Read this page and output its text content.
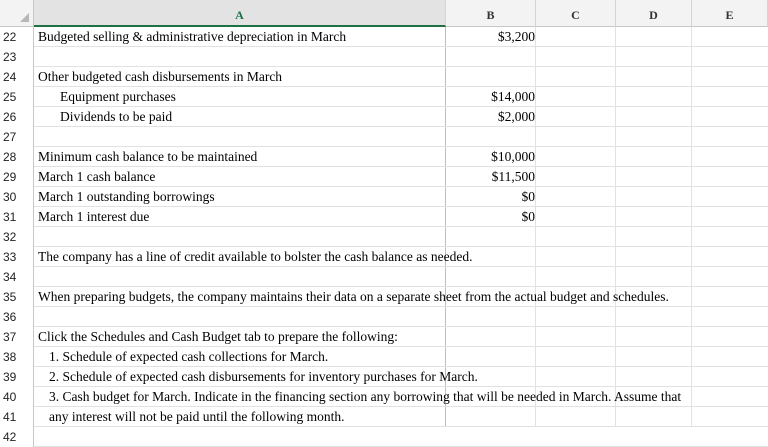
A	B	C	D	E
22	Budgeted selling & administrative depreciation in March	$3,200
23
24	Other budgeted cash disbursements in March
25	Equipment purchases	$14,000
26	Dividends to be paid	$2,000
27
28	Minimum cash balance to be maintained	$10,000
29	March 1 cash balance	$11,500
30	March 1 outstanding borrowings	$0
31	March 1 interest due	$0
32
33	The company has a line of credit available to bolster the cash balance as needed.
34
35	When preparing budgets, the company maintains their data on a separate sheet from the actual budget and schedules.
36
37	Click the Schedules and Cash Budget tab to prepare the following:
38	1. Schedule of expected cash collections for March.
39	2. Schedule of expected cash disbursements for inventory purchases for March.
40	3. Cash budget for March. Indicate in the financing section any borrowing that will be needed in March. Assume that
41	any interest will not be paid until the following month.
42
